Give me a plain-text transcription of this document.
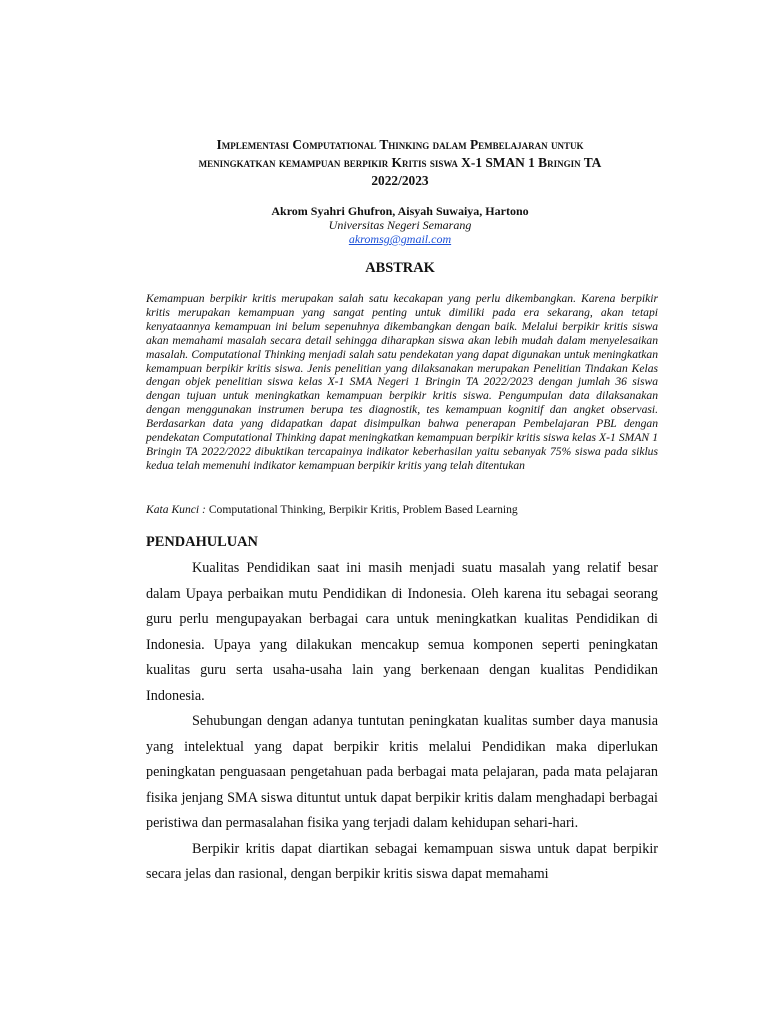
Implementasi Computational Thinking dalam Pembelajaran untuk
meningkatkan kemampuan berpikir Kritis siswa X-1 SMAN 1 Bringin TA
2022/2023
Akrom Syahri Ghufron, Aisyah Suwaiya, Hartono
Universitas Negeri Semarang
akromsg@gmail.com
ABSTRAK
Kemampuan berpikir kritis merupakan salah satu kecakapan yang perlu dikembangkan. Karena berpikir kritis merupakan kemampuan yang sangat penting untuk dimiliki pada era sekarang, akan tetapi kenyataannya kemampuan ini belum sepenuhnya dikembangkan dengan baik. Melalui berpikir kritis siswa akan memahami masalah secara detail sehingga diharapkan siswa akan lebih mudah dalam menyelesaikan masalah. Computational Thinking menjadi salah satu pendekatan yang dapat digunakan untuk meningkatkan kemampuan berpikir kritis siswa. Jenis penelitian yang dilaksanakan merupakan Penelitian Tindakan Kelas dengan objek penelitian siswa kelas X-1 SMA Negeri 1 Bringin TA 2022/2023 dengan jumlah 36 siswa dengan tujuan untuk meningkatkan kemampuan berpikir kritis siswa. Pengumpulan data dilaksanakan dengan menggunakan instrumen berupa tes diagnostik, tes kemampuan kognitif dan angket observasi. Berdasarkan data yang didapatkan dapat disimpulkan bahwa penerapan Pembelajaran PBL dengan pendekatan Computational Thinking dapat meningkatkan kemampuan berpikir kritis siswa kelas X-1 SMAN 1 Bringin TA 2022/2022 dibuktikan tercapainya indikator keberhasilan yaitu sebanyak 75% siswa pada siklus kedua telah memenuhi indikator kemampuan berpikir kritis yang telah ditentukan
Kata Kunci : Computational Thinking, Berpikir Kritis, Problem Based Learning
PENDAHULUAN

Kualitas Pendidikan saat ini masih menjadi suatu masalah yang relatif besar dalam Upaya perbaikan mutu Pendidikan di Indonesia. Oleh karena itu sebagai seorang guru perlu mengupayakan berbagai cara untuk meningkatkan kualitas Pendidikan di Indonesia. Upaya yang dilakukan mencakup semua komponen seperti peningkatan kualitas guru serta usaha-usaha lain yang berkenaan dengan kualitas Pendidikan Indonesia.

Sehubungan dengan adanya tuntutan peningkatan kualitas sumber daya manusia yang intelektual yang dapat berpikir kritis melalui Pendidikan maka diperlukan peningkatan penguasaan pengetahuan pada berbagai mata pelajaran, pada mata pelajaran fisika jenjang SMA siswa dituntut untuk dapat berpikir kritis dalam menghadapi berbagai peristiwa dan permasalahan fisika yang terjadi dalam kehidupan sehari-hari.

Berpikir kritis dapat diartikan sebagai kemampuan siswa untuk dapat berpikir secara jelas dan rasional, dengan berpikir kritis siswa dapat memahami
